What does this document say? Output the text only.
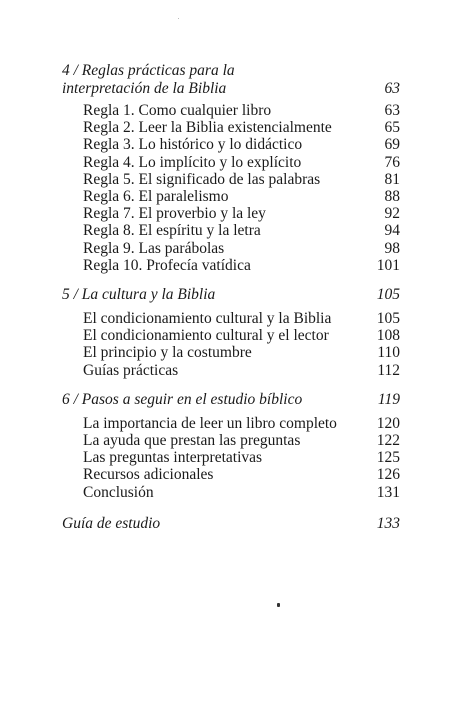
4 / Reglas prácticas para la
interpretación de la Biblia	63
Regla 1. Como cualquier libro	63
Regla 2. Leer la Biblia existencialmente	65
Regla 3. Lo histórico y lo didáctico	69
Regla 4. Lo implícito y lo explícito	76
Regla 5. El significado de las palabras	81
Regla 6. El paralelismo	88
Regla 7. El proverbio y la ley	92
Regla 8. El espíritu y la letra	94
Regla 9. Las parábolas	98
Regla 10. Profecía vatídica	101
5 / La cultura y la Biblia	105
El condicionamiento cultural y la Biblia	105
El condicionamiento cultural y el lector	108
El principio y la costumbre	110
Guías prácticas	112
6 / Pasos a seguir en el estudio bíblico	119
La importancia de leer un libro completo	120
La ayuda que prestan las preguntas	122
Las preguntas interpretativas	125
Recursos adicionales	126
Conclusión	131
Guía de estudio	133
